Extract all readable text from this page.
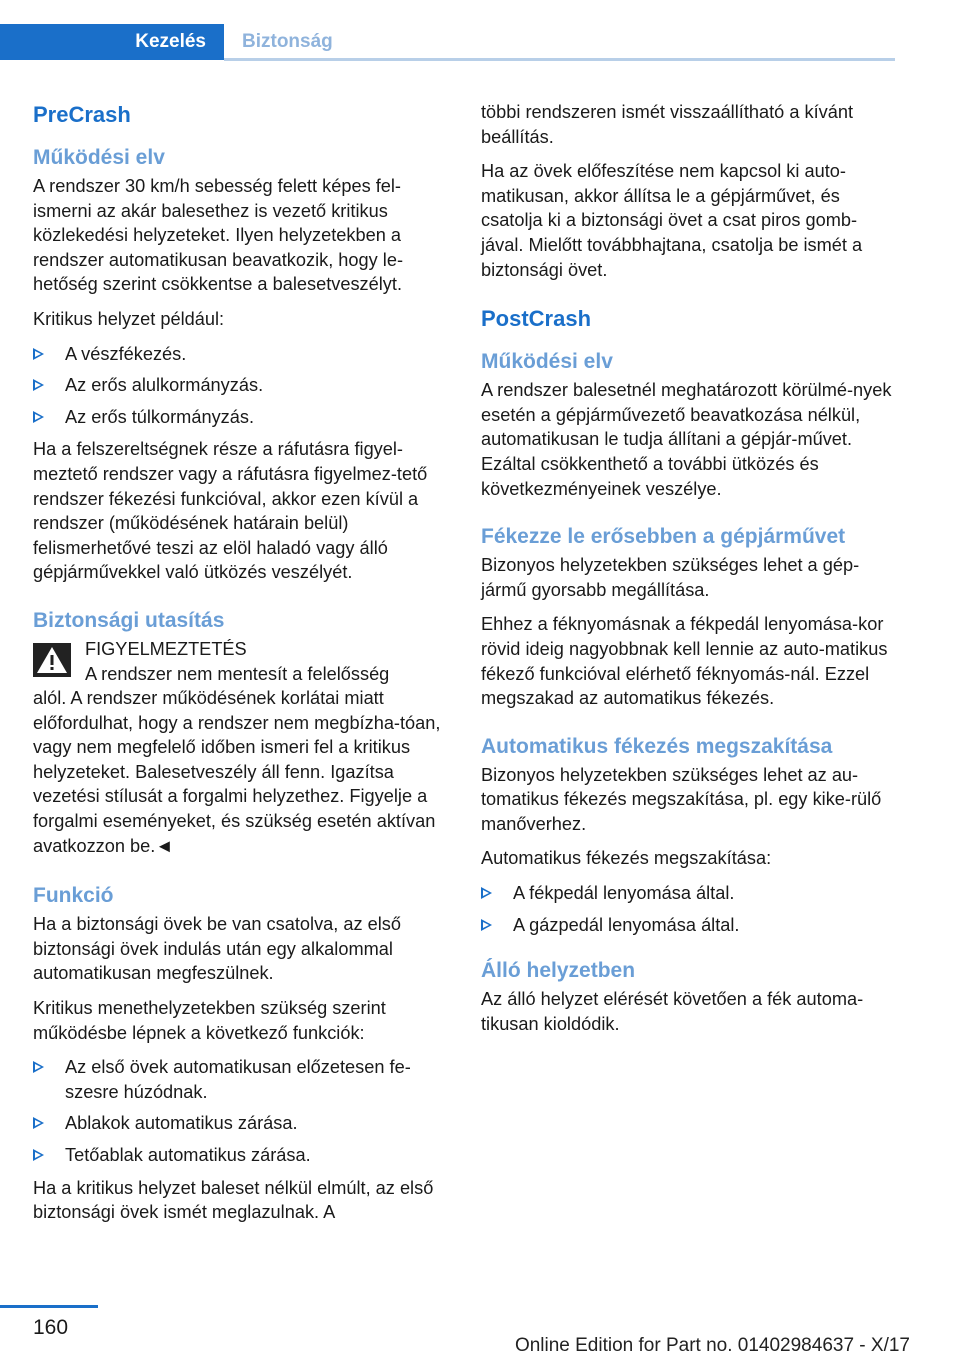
Kezelés	Biztonság
PreCrash
Működési elv

A rendszer 30 km/h sebesség felett képes fel‐ismerni az akár balesethez is vezető kritikus közlekedési helyzeteket. Ilyen helyzetekben a rendszer automatikusan beavatkozik, hogy le‐hetőség szerint csökkentse a balesetveszélyt.

Kritikus helyzet például:

A vészfékezés.
Az erős alulkormányzás.
Az erős túlkormányzás.

Ha a felszereltségnek része a ráfutásra figyel‐meztető rendszer vagy a ráfutásra figyelmez‐tető rendszer fékezési funkcióval, akkor ezen kívül a rendszer (működésének határain belül) felismerhetővé teszi az elöl haladó vagy álló gépjárművekkel való ütközés veszélyét.

Biztonsági utasítás
FIGYELMEZTETÉS
A rendszer nem mentesít a felelősség
alól. A rendszer működésének korlátai miatt előfordulhat, hogy a rendszer nem megbízha‐tóan, vagy nem megfelelő időben ismeri fel a kritikus helyzeteket. Balesetveszély áll fenn. Igazítsa vezetési stílusát a forgalmi helyzethez. Figyelje a forgalmi eseményeket, és szükség esetén aktívan avatkozzon be.◄
Funkció

Ha a biztonsági övek be van csatolva, az első biztonsági övek indulás után egy alkalommal automatikusan megfeszülnek.

Kritikus menethelyzetekben szükség szerint működésbe lépnek a következő funkciók:

Az első övek automatikusan előzetesen fe‐szesre húzódnak.
Ablakok automatikus zárása.
Tetőablak automatikus zárása.

Ha a kritikus helyzet baleset nélkül elmúlt, az első biztonsági övek ismét meglazulnak. A

többi rendszeren ismét visszaállítható a kívánt beállítás.

Ha az övek előfeszítése nem kapcsol ki auto‐matikusan, akkor állítsa le a gépjárművet, és csatolja ki a biztonsági övet a csat piros gomb‐jával. Mielőtt továbbhajtana, csatolja be ismét a biztonsági övet.

PostCrash
Működési elv

A rendszer balesetnél meghatározott körülmé‐nyek esetén a gépjárművezető beavatkozása nélkül, automatikusan le tudja állítani a gépjár‐művet. Ezáltal csökkenthető a további ütközés és következményeinek veszélye.

Fékezze le erősebben a gépjárművet

Bizonyos helyzetekben szükséges lehet a gép‐jármű gyorsabb megállítása.

Ehhez a féknyomásnak a fékpedál lenyomása‐kor rövid ideig nagyobbnak kell lennie az auto‐matikus fékező funkcióval elérhető féknyomás‐nál. Ezzel megszakad az automatikus fékezés.

Automatikus fékezés megszakítása

Bizonyos helyzetekben szükséges lehet az au‐tomatikus fékezés megszakítása, pl. egy kike‐rülő manőverhez.

Automatikus fékezés megszakítása:

A fékpedál lenyomása által.
A gázpedál lenyomása által.
Álló helyzetben

Az álló helyzet elérését követően a fék automa‐tikusan kioldódik.

160
Online Edition for Part no. 01402984637 - X/17
